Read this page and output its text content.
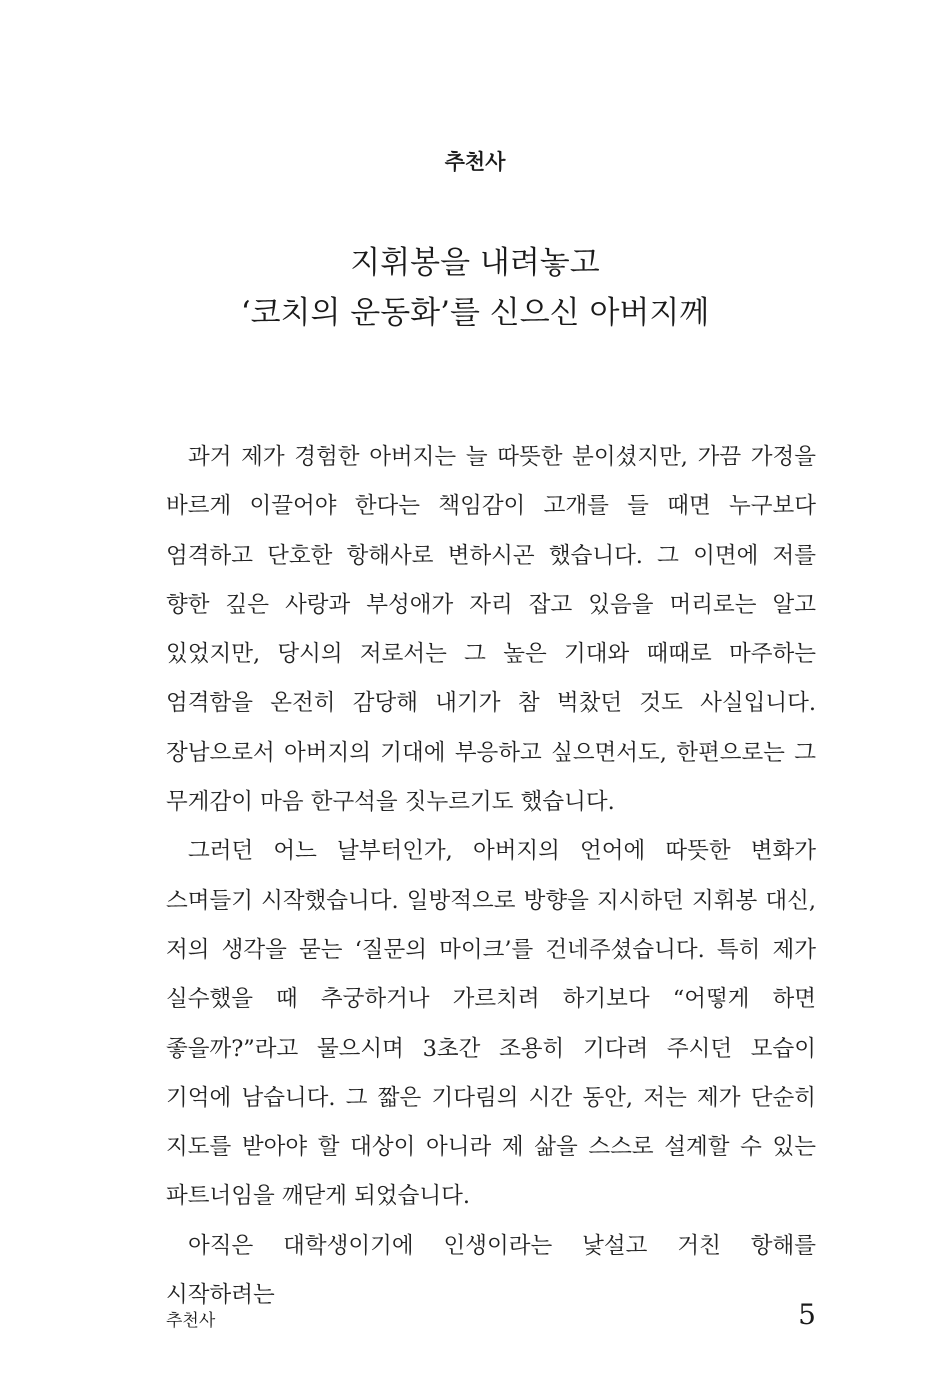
추천사
지휘봉을 내려놓고
‘코치의 운동화’를 신으신 아버지께

과거 제가 경험한 아버지는 늘 따뜻한 분이셨지만, 가끔 가정을 바르게 이끌어야 한다는 책임감이 고개를 들 때면 누구보다 엄격하고 단호한 항해사로 변하시곤 했습니다. 그 이면에 저를 향한 깊은 사랑과 부성애가 자리 잡고 있음을 머리로는 알고 있었지만, 당시의 저로서는 그 높은 기대와 때때로 마주하는 엄격함을 온전히 감당해 내기가 참 벅찼던 것도 사실입니다. 장남으로서 아버지의 기대에 부응하고 싶으면서도, 한편으로는 그 무게감이 마음 한구석을 짓누르기도 했습니다.

그러던 어느 날부터인가, 아버지의 언어에 따뜻한 변화가 스며들기 시작했습니다. 일방적으로 방향을 지시하던 지휘봉 대신, 저의 생각을 묻는 ‘질문의 마이크’를 건네주셨습니다. 특히 제가 실수했을 때 추궁하거나 가르치려 하기보다 “어떻게 하면 좋을까?”라고 물으시며 3초간 조용히 기다려 주시던 모습이 기억에 남습니다. 그 짧은 기다림의 시간 동안, 저는 제가 단순히 지도를 받아야 할 대상이 아니라 제 삶을 스스로 설계할 수 있는 파트너임을 깨닫게 되었습니다.

아직은 대학생이기에 인생이라는 낯설고 거친 항해를 시작하려는

추천사	5
